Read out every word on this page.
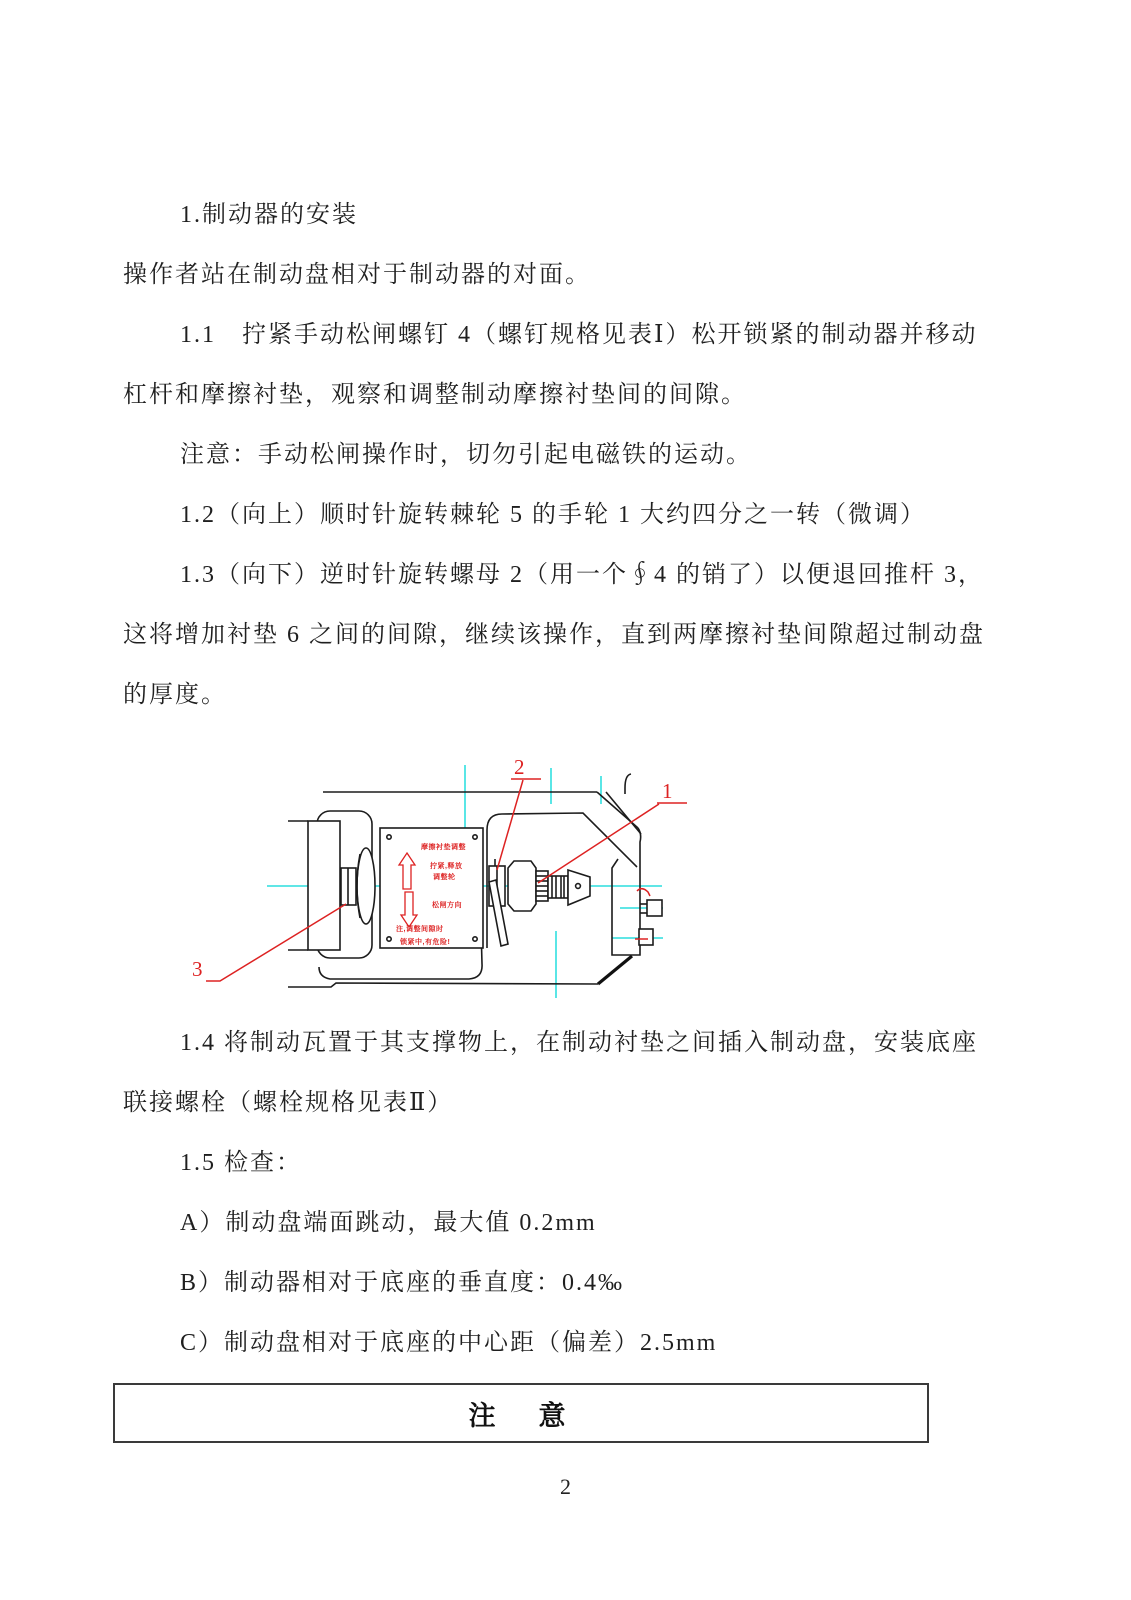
1.制动器的安装
操作者站在制动盘相对于制动器的对面。
1.1　拧紧手动松闸螺钉 4（螺钉规格见表Ⅰ）松开锁紧的制动器并移动
杠杆和摩擦衬垫，观察和调整制动摩擦衬垫间的间隙。
注意：手动松闸操作时，切勿引起电磁铁的运动。
1.2（向上）顺时针旋转棘轮 5 的手轮 1 大约四分之一转（微调）
1.3（向下）逆时针旋转螺母 2（用一个∮4 的销了）以便退回推杆 3，
这将增加衬垫 6 之间的间隙，继续该操作，直到两摩擦衬垫间隙超过制动盘
的厚度。
摩擦衬垫调整
拧紧,释放
调整轮
松闸方向
注,调整间隙时
锁紧中,有危险!
2
1
3
1.4 将制动瓦置于其支撑物上，在制动衬垫之间插入制动盘，安装底座
联接螺栓（螺栓规格见表Ⅱ）
1.5 检查：
A）制动盘端面跳动，最大值 0.2mm
B）制动器相对于底座的垂直度：0.4‰
C）制动盘相对于底座的中心距（偏差）2.5mm
注　意
2
